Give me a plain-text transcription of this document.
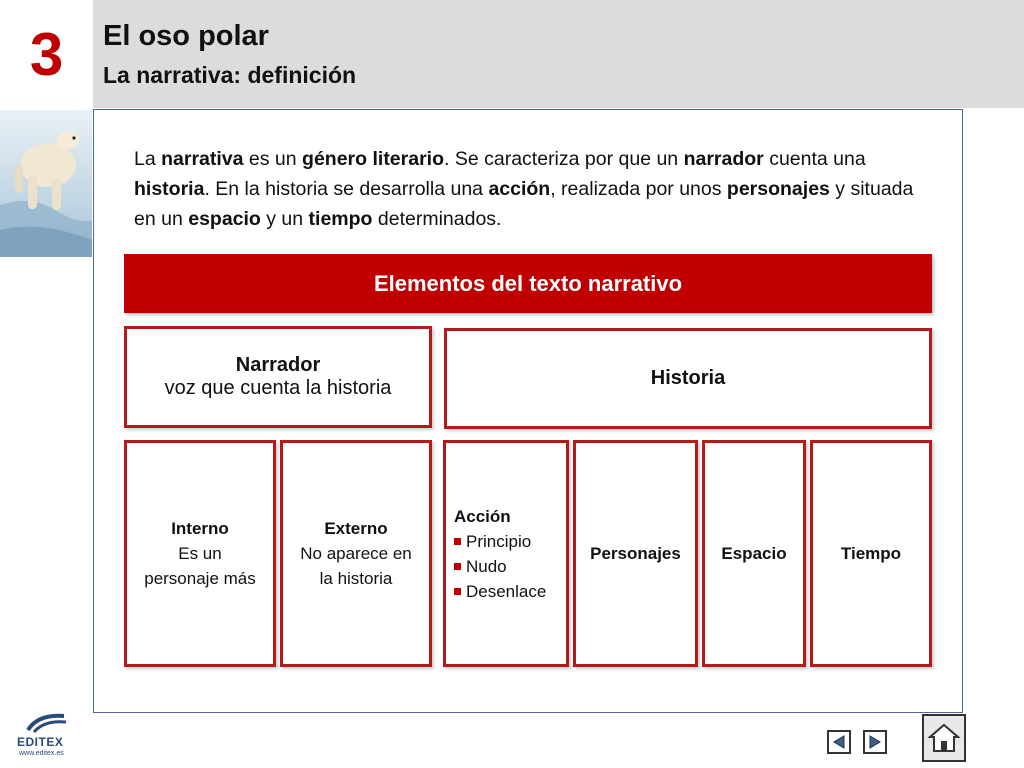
3	El oso polar
La narrativa: definición
La narrativa es un género literario. Se caracteriza por que un narrador cuenta una historia. En la historia se desarrolla una acción, realizada por unos personajes y situada en un espacio y un tiempo determinados.
Elementos del texto narrativo
Narrador
voz que cuenta la historia	Historia
Interno
Es un
personaje más
Externo
No aparece en
la historia
Acción
Principio
Nudo
Desenlace
Personajes Espacio	Tiempo
EDITEX
www.editex.es
